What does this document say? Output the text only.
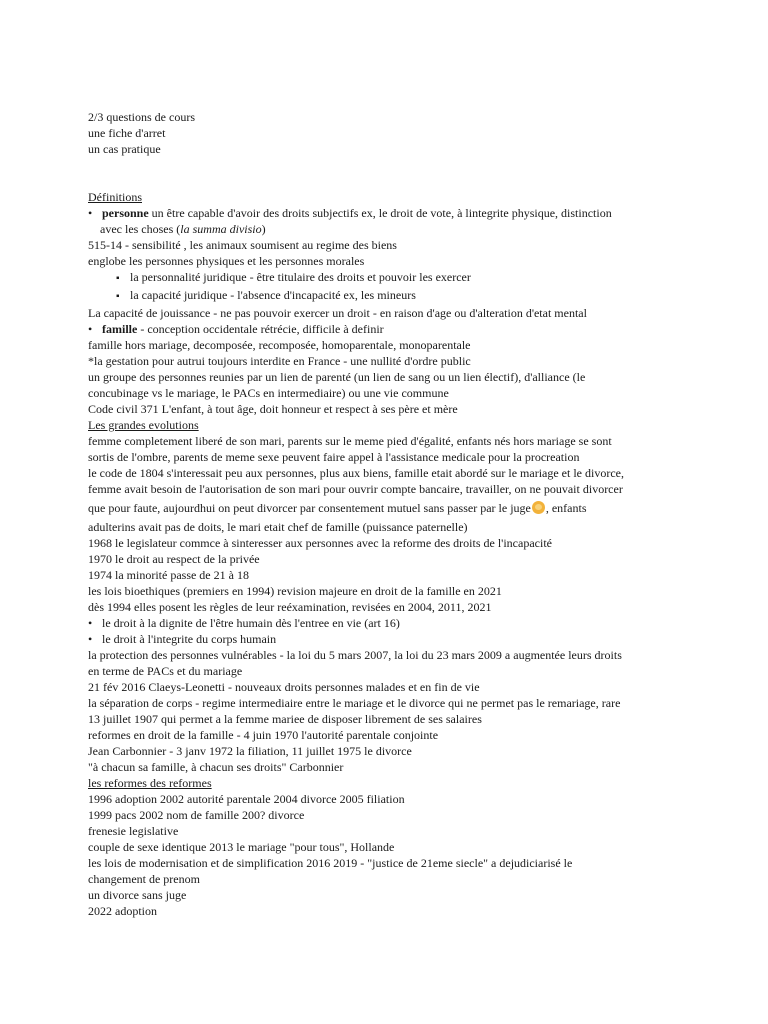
2/3 questions de cours
une fiche d'arret
un cas pratique
Définitions
• personne un être capable d'avoir des droits subjectifs ex, le droit de vote, à lintegrite physique, distinction
avec les choses (la summa divisio)
515-14 - sensibilité , les animaux soumisent au regime des biens
englobe les personnes physiques et les personnes morales
▪ la personnalité juridique - être titulaire des droits et pouvoir les exercer
▪ la capacité juridique - l'absence d'incapacité ex, les mineurs
La capacité de jouissance - ne pas pouvoir exercer un droit - en raison d'age ou d'alteration d'etat mental
• famille - conception occidentale rétrécie, difficile à definir
famille hors mariage, decomposée, recomposée, homoparentale, monoparentale
*la gestation pour autrui toujours interdite en France - une nullité d'ordre public
un groupe des personnes reunies par un lien de parenté (un lien de sang ou un lien électif), d'alliance (le
concubinage vs le mariage, le PACs en intermediaire) ou une vie commune
Code civil 371 L'enfant, à tout âge, doit honneur et respect à ses père et mère
Les grandes evolutions
femme completement liberé de son mari, parents sur le meme pied d'égalité, enfants nés hors mariage se sont
sortis de l'ombre, parents de meme sexe peuvent faire appel à l'assistance medicale pour la procreation
le code de 1804 s'interessait peu aux personnes, plus aux biens, famille etait abordé sur le mariage et le divorce,
femme avait besoin de l'autorisation de son mari pour ouvrir compte bancaire, travailler, on ne pouvait divorcer
que pour faute, aujourdhui on peut divorcer par consentement mutuel sans passer par le juge , enfants
adulterins avait pas de doits, le mari etait chef de famille (puissance paternelle)
1968 le legislateur commce à sinteresser aux personnes avec la reforme des droits de l'incapacité
1970 le droit au respect de la privée
1974 la minorité passe de 21 à 18
les lois bioethiques (premiers en 1994) revision majeure en droit de la famille en 2021
dès 1994 elles posent les règles de leur reéxamination, revisées en 2004, 2011, 2021
• le droit à la dignite de l'être humain dès l'entree en vie (art 16)
• le droit à l'integrite du corps humain
la protection des personnes vulnérables - la loi du 5 mars 2007, la loi du 23 mars 2009 a augmentée leurs droits
en terme de PACs et du mariage
21 fév 2016 Claeys-Leonetti - nouveaux droits personnes malades et en fin de vie
la séparation de corps - regime intermediaire entre le mariage et le divorce qui ne permet pas le remariage, rare
13 juillet 1907 qui permet a la femme mariee de disposer librement de ses salaires
reformes en droit de la famille - 4 juin 1970 l'autorité parentale conjointe
Jean Carbonnier - 3 janv 1972 la filiation, 11 juillet 1975 le divorce
"à chacun sa famille, à chacun ses droits" Carbonnier
les reformes des reformes
1996 adoption 2002 autorité parentale 2004 divorce 2005 filiation
1999 pacs 2002 nom de famille 200? divorce
frenesie legislative
couple de sexe identique 2013 le mariage "pour tous", Hollande
les lois de modernisation et de simplification 2016 2019 - "justice de 21eme siecle" a dejudiciarisé le
changement de prenom
un divorce sans juge
2022 adoption
